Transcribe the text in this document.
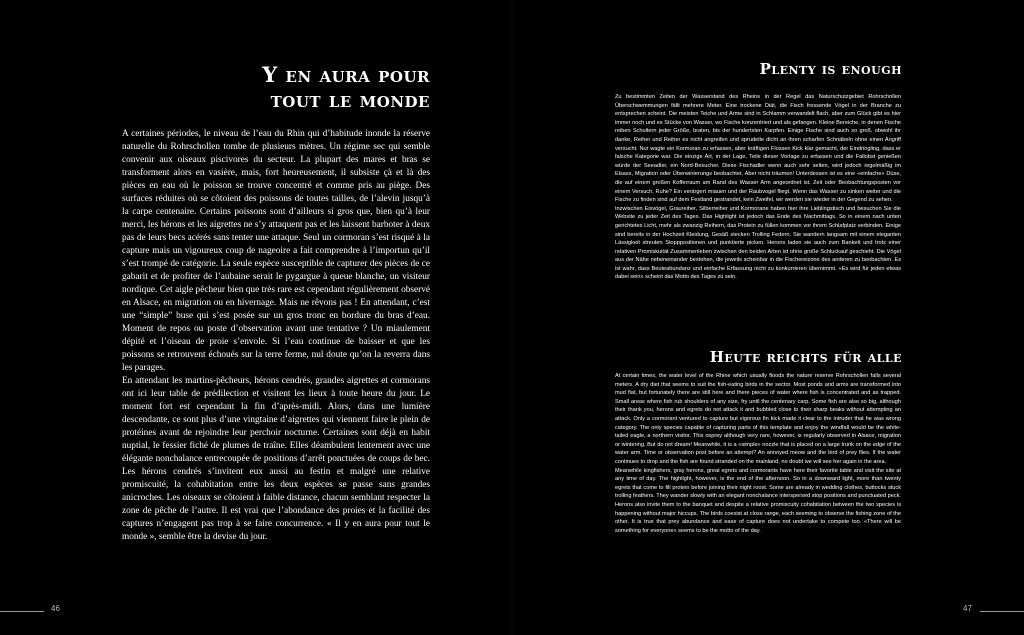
Y en aura pour
tout le monde

A certaines périodes, le niveau de l’eau du Rhin qui d’habitude inonde la réserve naturelle du Rohrschollen tombe de plusieurs mètres. Un régime sec qui semble convenir aux oiseaux piscivores du secteur. La plupart des mares et bras se transforment alors en vasière, mais, fort heureusement, il subsiste çà et là des pièces en eau où le poisson se trouve concentré et comme pris au piège. Des surfaces réduites où se côtoient des poissons de toutes tailles, de l’alevin jusqu’à la carpe centenaire. Certains poissons sont d’ailleurs si gros que, bien qu’à leur merci, les hérons et les aigrettes ne s’y attaquent pas et les laissent barboter à deux pas de leurs becs acérés sans tenter une attaque. Seul un cormoran s’est risqué à la capture mais un vigoureux coup de nageoire a fait comprendre à l’importun qu’il s’est trompé de catégorie. La seule espèce susceptible de capturer des pièces de ce gabarit et de profiter de l’aubaine serait le pygargue à queue blanche, un visiteur nordique. Cet aigle pêcheur bien que très rare est cependant régulièrement observé en Alsace, en migration ou en hivernage. Mais ne rêvons pas ! En attendant, c’est une “simple” buse qui s’est posée sur un gros tronc en bordure du bras d’eau. Moment de repos ou poste d’observation avant une tentative ? Un miaulement dépité et l’oiseau de proie s’envole. Si l’eau continue de baisser et que les poissons se retrouvent échoués sur la terre ferme, nul doute qu’on la reverra dans les parages.

En attendant les martins-pêcheurs, hérons cendrés, grandes aigrettes et cormorans ont ici leur table de prédilection et visitent les lieux à toute heure du jour. Le moment fort est cependant la fin d’après-midi. Alors, dans une lumière descendante, ce sont plus d’une vingtaine d’aigrettes qui viennent faire le plein de protéines avant de rejoindre leur perchoir nocturne. Certaines sont déjà en habit nuptial, le fessier fiché de plumes de traîne. Elles déambulent lentement avec une élégante nonchalance entrecoupée de positions d’arrêt ponctuées de coups de bec. Les hérons cendrés s’invitent eux aussi au festin et malgré une relative promiscuité, la cohabitation entre les deux espèces se passe sans grandes anicroches. Les oiseaux se côtoient à faible distance, chacun semblant respecter la zone de pêche de l’autre. Il est vrai que l’abondance des proies et la facilité des captures n’engagent pas trop à se faire concurrence. « Il y en aura pour tout le monde », semble être la devise du jour.

46
Plenty is enough

Zu bestimmten Zeiten der Wasserstand des Rheins in der Regel das Naturschutzgebiet Rohrschollen Überschwemmungen fällt mehrere Meter. Eine trockene Diät, die Fisch fressende Vögel in der Branche zu entsprechen scheint. Die meisten Teiche und Arme sind in Schlamm verwandelt flach, aber zum Glück gibt es hier immer noch und es Stücke von Wasser, wo Fische konzentriert und als gefangen. Kleine Bereiche, in denen Fische reiben Schultern jeder Größe, braten, bis der hundertsten Karpfen. Einige Fische sind auch so groß, obwohl ihr danke, Reiher und Reiher es nicht angreifen und sprudelte dicht an ihren scharfen Schnäbeln ohne einen Angriff versucht. Nur wagte ein Kormoran zu erfassen, aber kräftigen Flossen Kick klar gemacht, der Eindringling, dass er falsche Kategorie war. Die einzige Art, in der Lage, Teile dieser Vorlage zu erfassen und die Fallobst genießen würde der Seeadler, ein Nord-Besucher. Diese Fischadler wenn auch sehr selten, wird jedoch regelmäßig im Elsass, Migration oder Überwinterungs beobachtet. Aber nicht träumen! Unterdessen ist es eine «einfache» Düse, die auf einem großen Kofferraum am Rand des Wasser Arm angeordnet ist. Zeit oder Beobachtungsposten vor einem Versuch, Ruhe? Ein verärgert miauen und der Raubvogel fliegt. Wenn das Wasser zu sinken weiter und die Fische zu finden sind auf dem Festland gestrandet, kein Zweifel, wir werden sie wieder in der Gegend zu sehen.

Inzwischen Eisvögel, Graureiher, Silberreiher und Kormorane haben hier ihre Lieblingstisch und besuchen Sie die Website zu jeder Zeit des Tages. Das Highlight ist jedoch das Ende des Nachmittags. So in einem nach unten gerichtetes Licht, mehr als zwanzig Reihern, das Protein zu füllen kommen vor ihrem Schlafplatz verbinden. Einige sind bereits in der Hochzeit Kleidung, Gesäß stecken Trolling Federn. Sie wandern langsam mit einem eleganten Lässigkeit streuten Stopppositionen und punktierte picken. Herons laden sie auch zum Bankett und trotz einer relativen Promiskuität Zusammenleben zwischen den beiden Arten ist ohne große Schluckauf geschieht. Die Vögel aus der Nähe nebeneinander bestehen, die jeweils scheinbar in die Fischereizone des anderen zu beobachten. Es ist wahr, dass Beuteabundanz und einfache Erfassung nicht zu konkurrieren übernimmt. «Es wird für jeden etwas dabei sein» scheint das Motto des Tages zu sein.

Heute reichts für alle

At certain times, the water level of the Rhine which usually floods the nature reserve Rohrschollen falls several meters. A dry diet that seems to suit the fish-eating birds in the sector. Most ponds and arms are transformed into mud flat, but fortunately there are still here and there pieces of water where fish is concentrated and as trapped. Small areas where fish rub shoulders of any size, fry until the centenary carp. Some fish are also so big, although their thank you, herons and egrets do not attack it and bubbled close to their sharp beaks without attempting an attack. Only a cormorant ventured to capture but vigorous fin kick made it clear to the intruder that he was wrong category. The only species capable of capturing parts of this template and enjoy the windfall would be the white-tailed eagle, a northern visitor. This osprey although very rare, however, is regularly observed in Alsace, migration or wintering. But do not dream! Meanwhile, it is a «simple» nozzle that is placed on a large trunk on the edge of the water arm. Time or observation post before an attempt? An annoyed meow and the bird of prey flies. If the water continues to drop and the fish are found stranded on the mainland, no doubt we will see her again in the area.

Meanwhile kingfishers, gray herons, great egrets and cormorants have here their favorite table and visit the site at any time of day. The highlight, however, is the end of the afternoon. So in a downward light, more than twenty egrets that come to fill protein before joining their night roost. Some are already in wedding clothes, buttocks stuck trolling feathers. They wander slowly with an elegant nonchalance interspersed stop positions and punctuated peck. Herons also invite them to the banquet and despite a relative promiscuity cohabitation between the two species is happening without major hiccups. The birds coexist at close range, each seeming to observe the fishing zone of the other. It is true that prey abundance and ease of capture does not undertake to compete too. «There will be something for everyone» seems to be the motto of the day.

47
